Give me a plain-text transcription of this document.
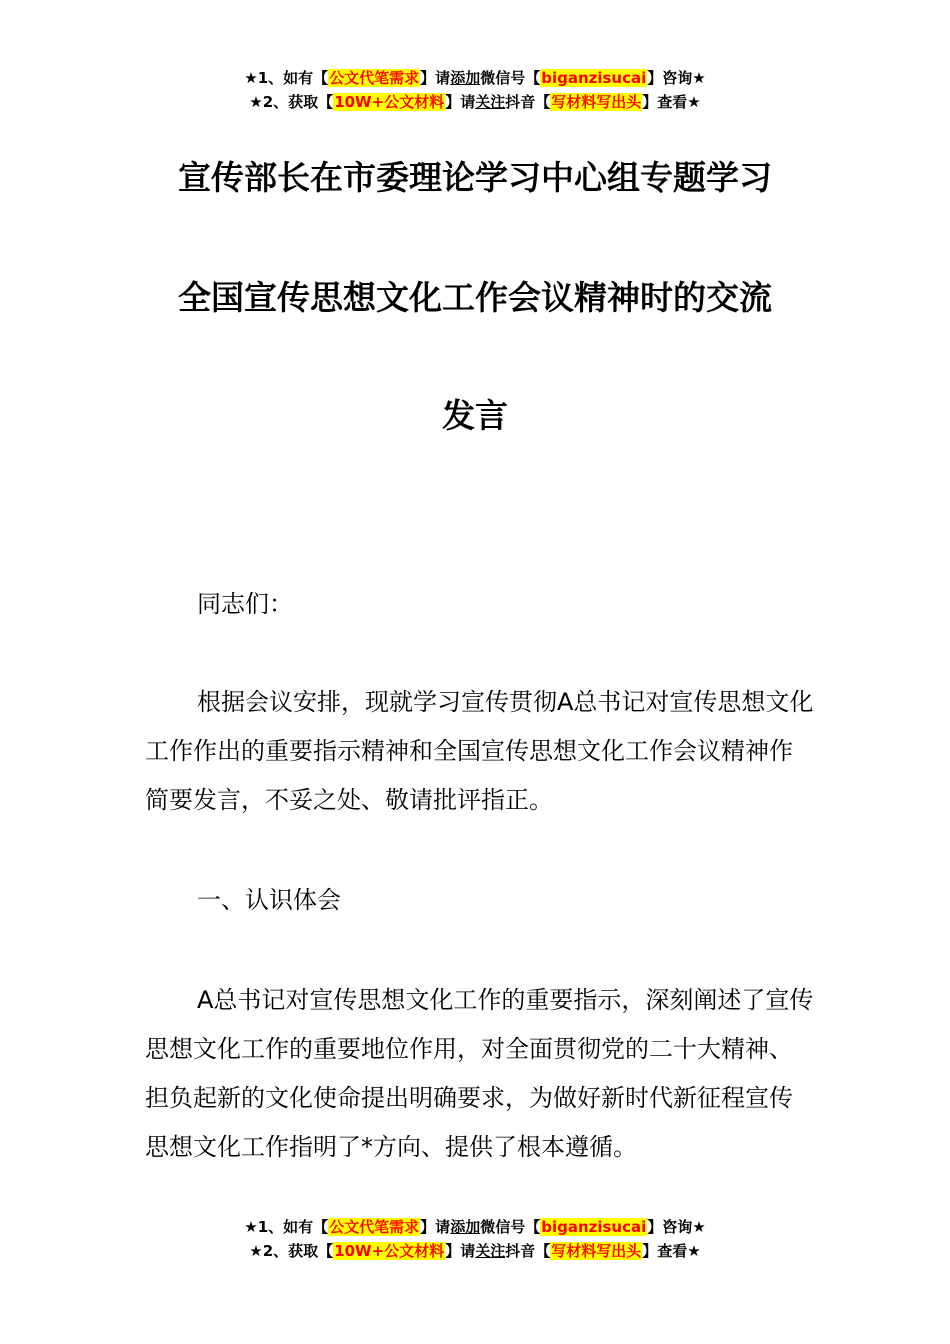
★1、如有【公文代笔需求】请添加微信号【biganzisucai】咨询★
★2、获取【10W+公文材料】请关注抖音【写材料写出头】查看★
宣传部长在市委理论学习中心组专题学习
全国宣传思想文化工作会议精神时的交流
发言
同志们：
根据会议安排，现就学习宣传贯彻A总书记对宣传思想文化工作作出的重要指示精神和全国宣传思想文化工作会议精神作简要发言，不妥之处、敬请批评指正。
一、认识体会
A总书记对宣传思想文化工作的重要指示，深刻阐述了宣传思想文化工作的重要地位作用，对全面贯彻党的二十大精神、担负起新的文化使命提出明确要求，为做好新时代新征程宣传思想文化工作指明了*方向、提供了根本遵循。
★1、如有【公文代笔需求】请添加微信号【biganzisucai】咨询★
★2、获取【10W+公文材料】请关注抖音【写材料写出头】查看★
